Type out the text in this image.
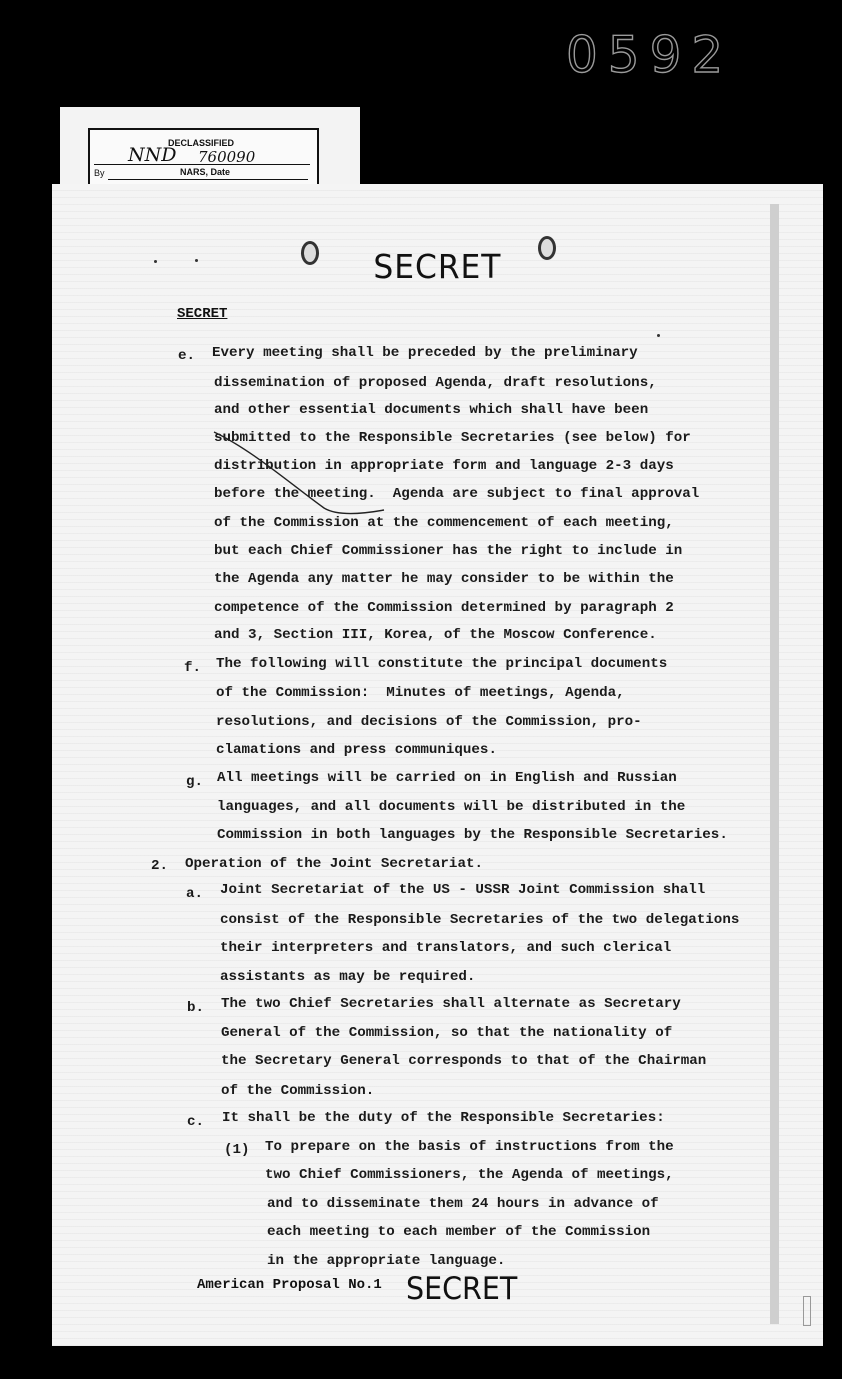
0592
DECLASSIFIED
NND 760090
By	NARS, Date
SECRET
SECRET
e. Every meeting shall be preceded by the preliminary
dissemination of proposed Agenda, draft resolutions,
and other essential documents which shall have been
submitted to the Responsible Secretaries (see below) for
distribution in appropriate form and language 2-3 days
before the meeting.  Agenda are subject to final approval
of the Commission at the commencement of each meeting,
but each Chief Commissioner has the right to include in
the Agenda any matter he may consider to be within the
competence of the Commission determined by paragraph 2
and 3, Section III, Korea, of the Moscow Conference.
f. The following will constitute the principal documents
of the Commission:  Minutes of meetings, Agenda,
resolutions, and decisions of the Commission, pro-
clamations and press communiques.
g. All meetings will be carried on in English and Russian
languages, and all documents will be distributed in the
Commission in both languages by the Responsible Secretaries.
2. Operation of the Joint Secretariat.
a. Joint Secretariat of the US - USSR Joint Commission shall
consist of the Responsible Secretaries of the two delegations
their interpreters and translators, and such clerical
assistants as may be required.
b. The two Chief Secretaries shall alternate as Secretary
General of the Commission, so that the nationality of
the Secretary General corresponds to that of the Chairman
of the Commission.
c. It shall be the duty of the Responsible Secretaries:
(1) To prepare on the basis of instructions from the
two Chief Commissioners, the Agenda of meetings,
and to disseminate them 24 hours in advance of
each meeting to each member of the Commission
in the appropriate language.
American Proposal No.1 SECRET
